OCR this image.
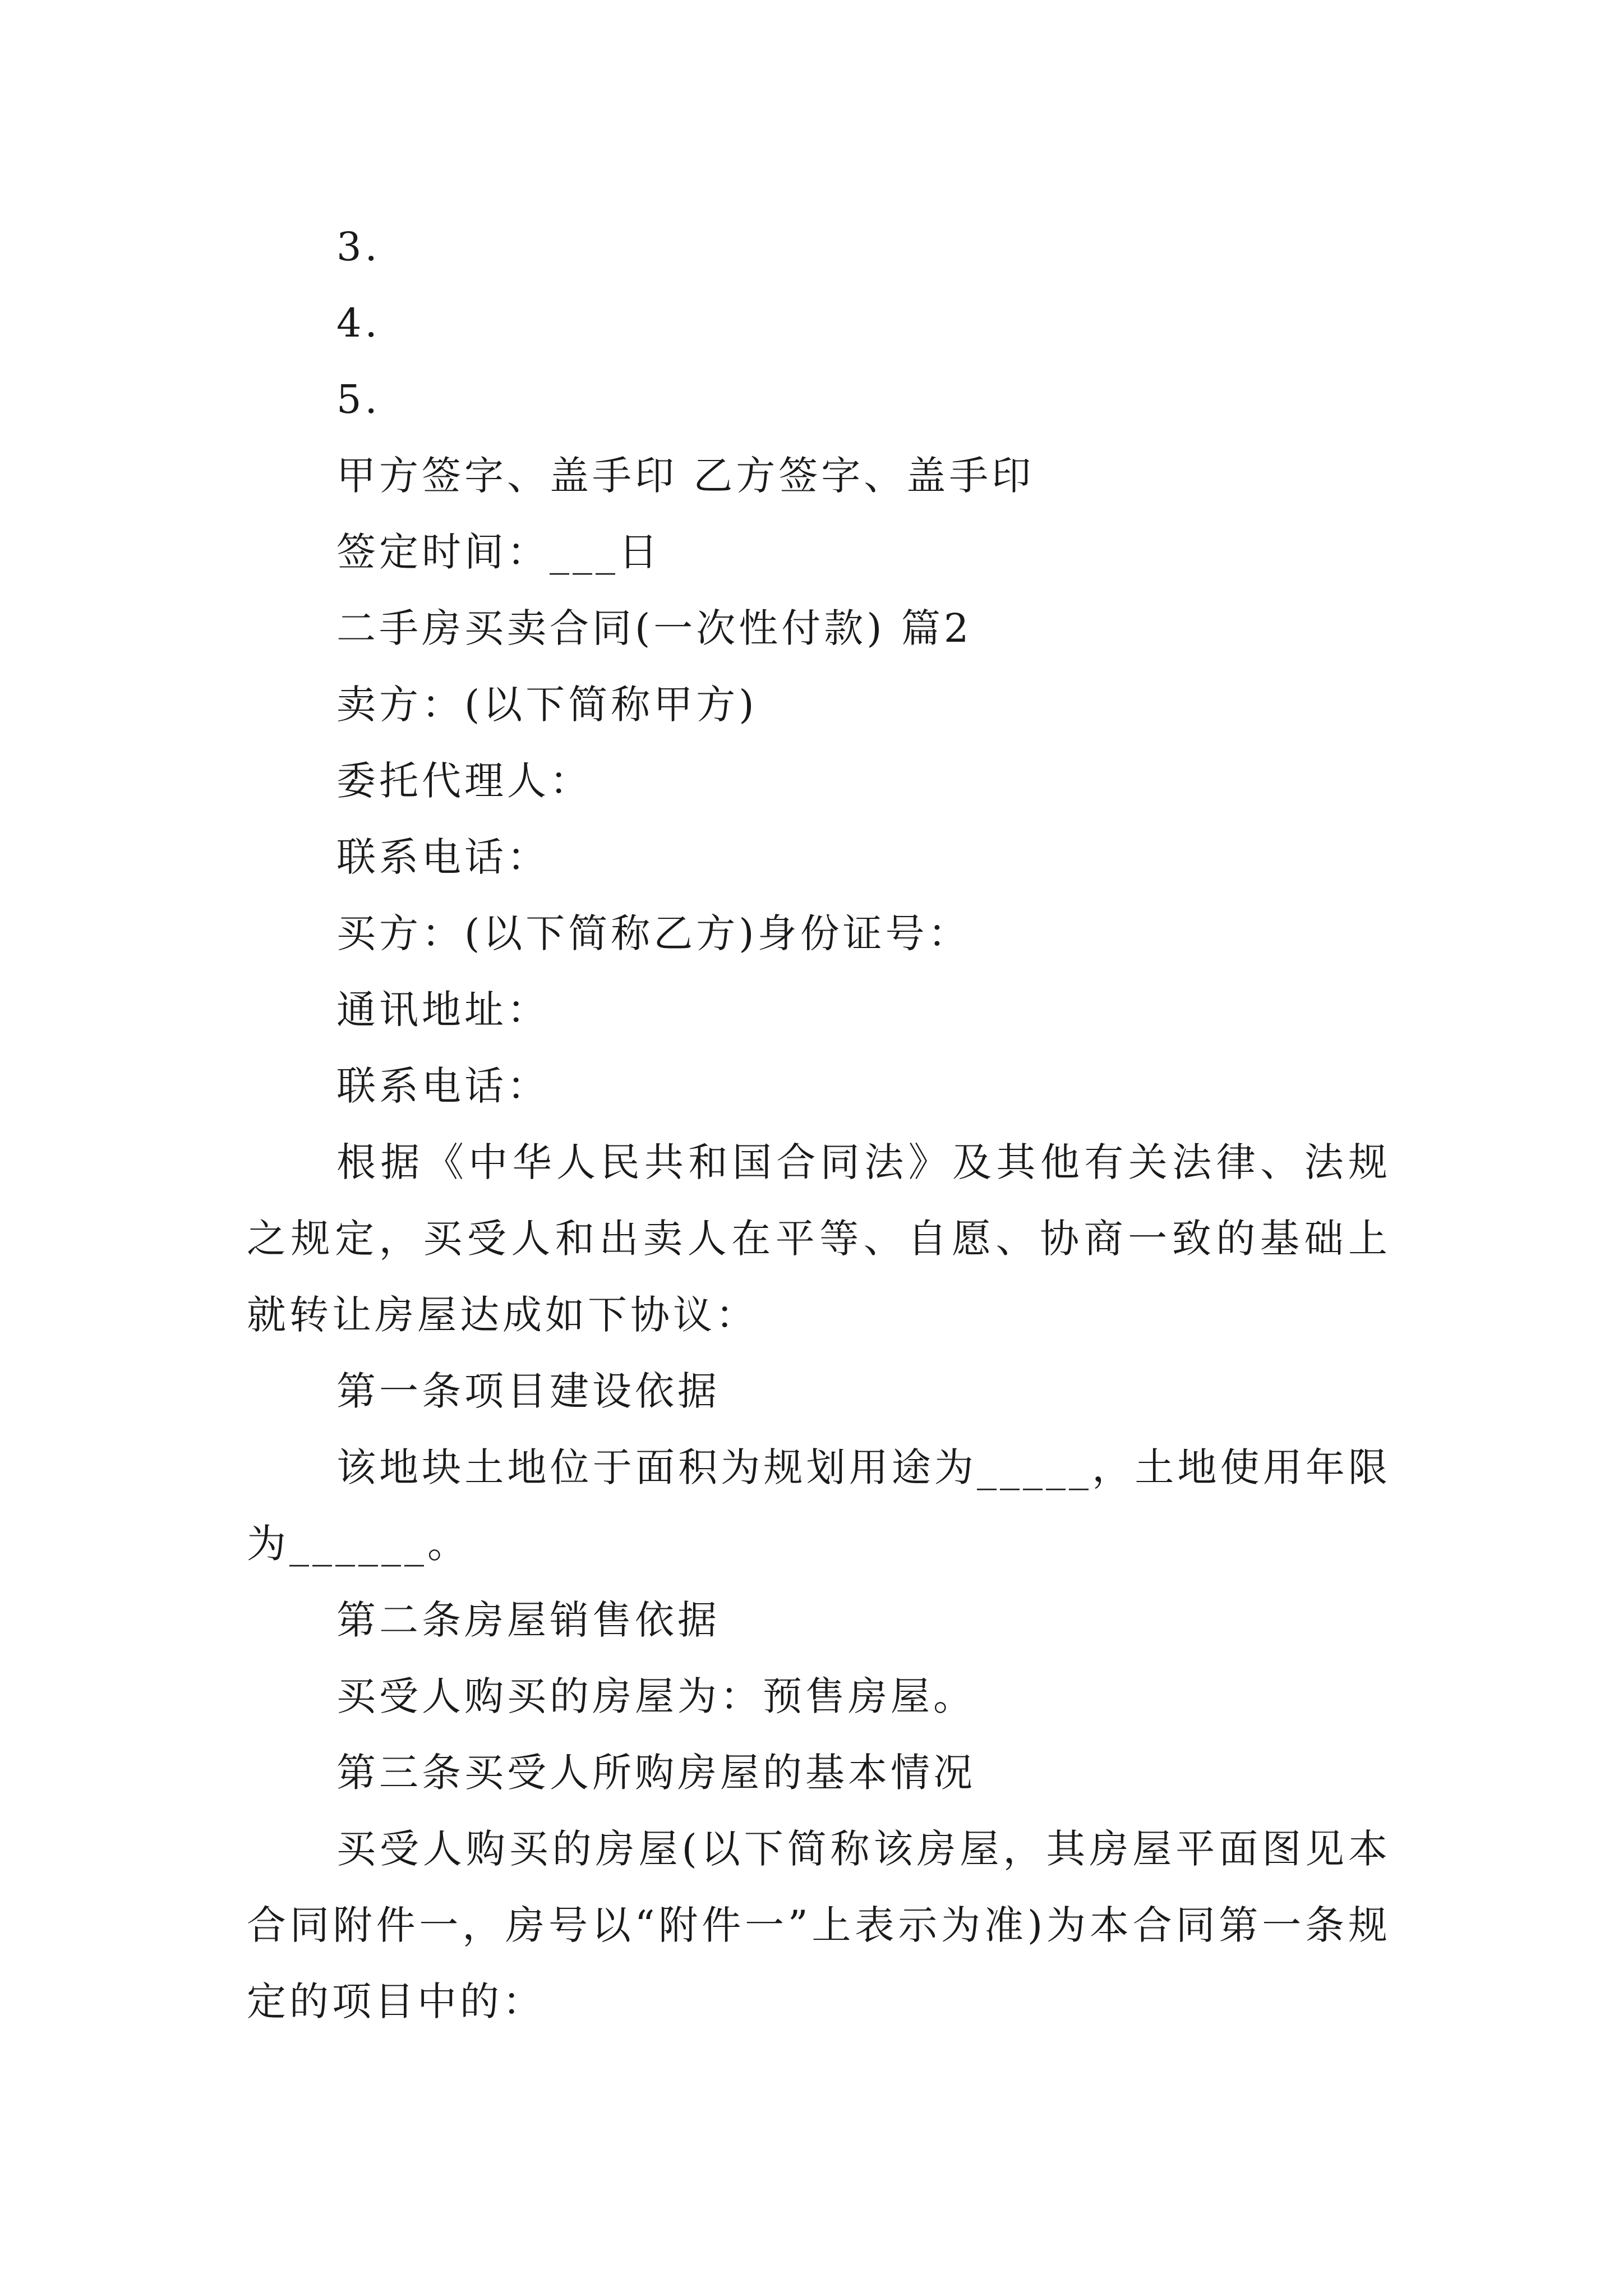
3.
4.
5.
甲方签字、盖手印 乙方签字、盖手印
签定时间：___日
二手房买卖合同(一次性付款) 篇2
卖方：(以下简称甲方)
委托代理人：
联系电话：
买方：(以下简称乙方)身份证号：
通讯地址：
联系电话：
根据《中华人民共和国合同法》及其他有关法律、法规之规定，买受人和出卖人在平等、自愿、协商一致的基础上就转让房屋达成如下协议：
第一条项目建设依据
该地块土地位于面积为规划用途为_____，土地使用年限为______。
第二条房屋销售依据
买受人购买的房屋为：预售房屋。
第三条买受人所购房屋的基本情况
买受人购买的房屋(以下简称该房屋，其房屋平面图见本合同附件一，房号以“附件一”上表示为准)为本合同第一条规定的项目中的：
